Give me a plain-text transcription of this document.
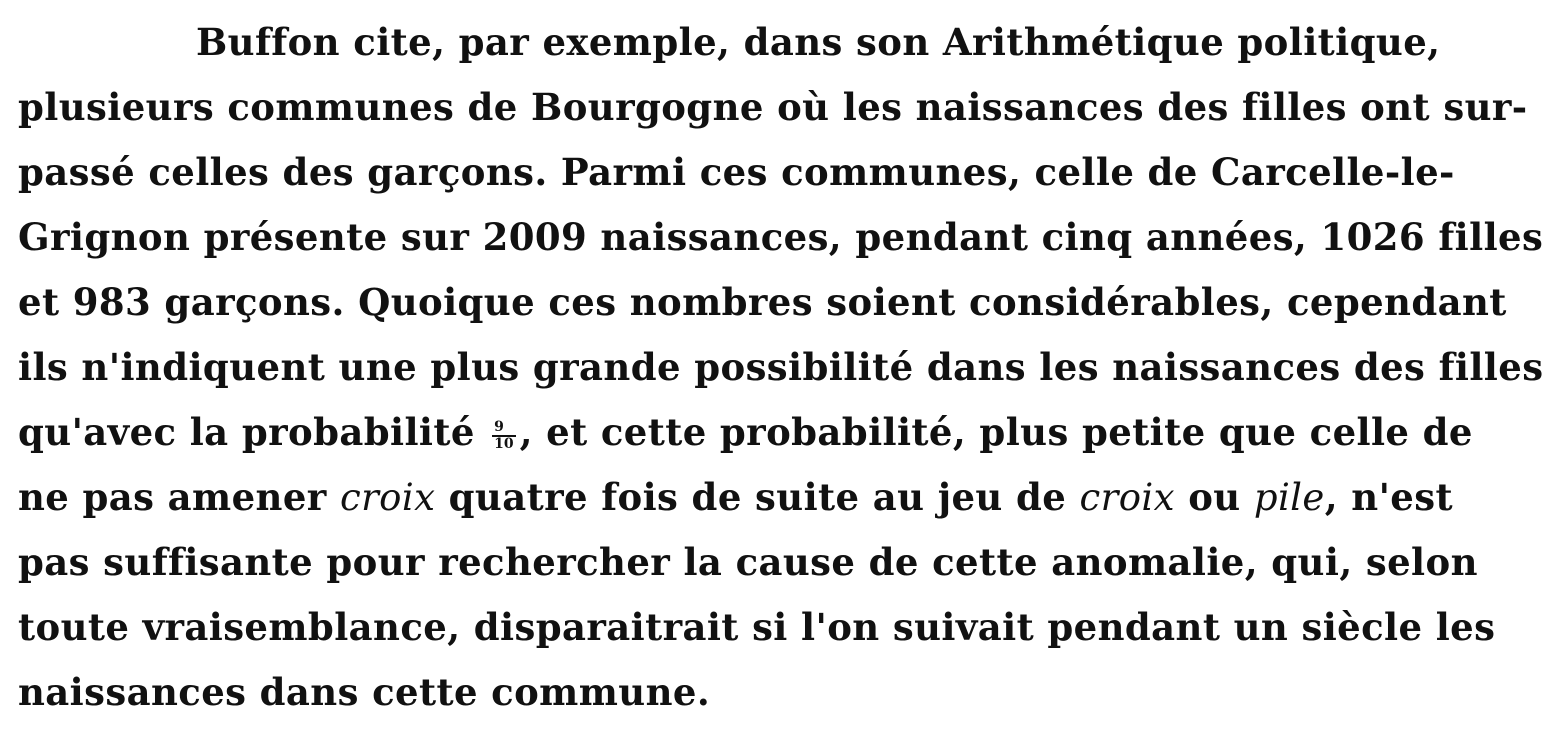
Buffon cite, par exemple, dans son Arithmétique politique,
plusieurs communes de Bourgogne où les naissances des filles ont sur-
passé celles des garçons. Parmi ces communes, celle de Carcelle-le-
Grignon présente sur 2009 naissances, pendant cinq années, 1026 filles
et 983 garçons. Quoique ces nombres soient considérables, cependant
ils n'indiquent une plus grande possibilité dans les naissances des filles
qu'avec la probabilité $\frac{9}{10}$ , et cette probabilité, plus petite que celle de
ne pas amener croix quatre fois de suite au jeu de croix ou pile, n'est
pas suffisante pour rechercher la cause de cette anomalie, qui, selon
toute vraisemblance, disparaitrait si l'on suivait pendant un siècle les
naissances dans cette commune.
